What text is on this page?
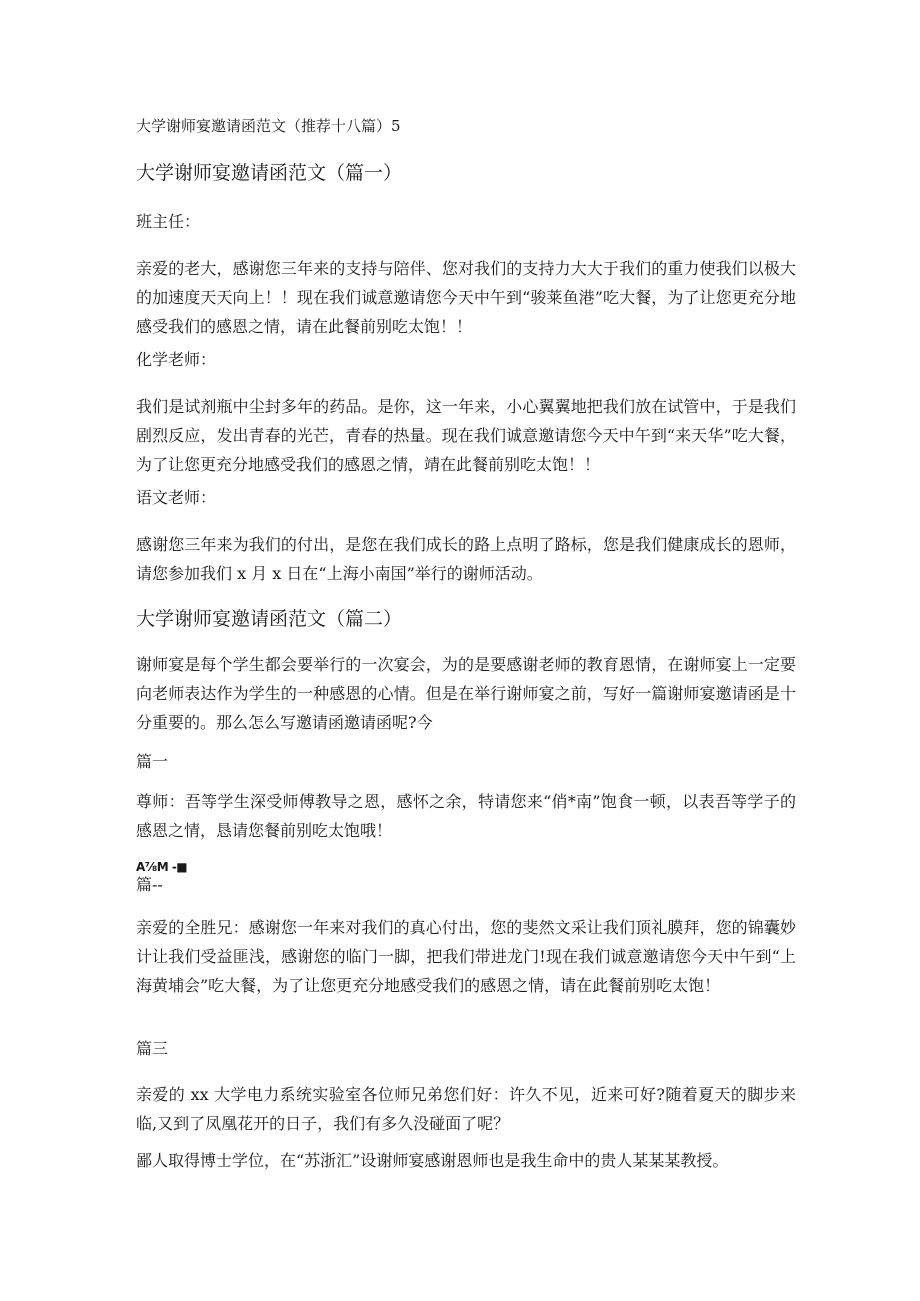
大学谢师宴邀请函范文（推荐十八篇）5

大学谢师宴邀请函范文（篇一）

班主任：

亲爱的老大，感谢您三年来的支持与陪伴、您对我们的支持力大大于我们的重力使我们以极大的加速度天天向上！！现在我们诚意邀请您今天中午到“骏莱鱼港”吃大餐，为了让您更充分地感受我们的感恩之情，请在此餐前别吃太饱！！

化学老师：

我们是试剂瓶中尘封多年的药品。是你，这一年来，小心翼翼地把我们放在试管中，于是我们剧烈反应，发出青春的光芒，青春的热量。现在我们诚意邀请您今天中午到“来天华”吃大餐，为了让您更充分地感受我们的感恩之情，靖在此餐前别吃太饱！！

语文老师：

感谢您三年来为我们的付出，是您在我们成长的路上点明了路标，您是我们健康成长的恩师，请您参加我们 x 月 x 日在“上海小南国”举行的谢师活动。

大学谢师宴邀请函范文（篇二）

谢师宴是每个学生都会要举行的一次宴会，为的是要感谢老师的教育恩情，在谢师宴上一定要向老师表达作为学生的一种感恩的心情。但是在举行谢师宴之前，写好一篇谢师宴邀请函是十分重要的。那么怎么写邀请函邀请函呢?今

篇一

尊师：吾等学生深受师傅教导之恩，感怀之余，特请您来“俏*南”饱食一顿，以表吾等学子的感恩之情，恳请您餐前别吃太饱哦！

A⅞M -■

篇--

亲爱的全胜兄：感谢您一年来对我们的真心付出，您的斐然文采让我们顶礼膜拜，您的锦囊妙计让我们受益匪浅，感谢您的临门一脚，把我们带进龙门!现在我们诚意邀请您今天中午到“上海黄埔会”吃大餐，为了让您更充分地感受我们的感恩之情，请在此餐前别吃太饱！

篇三

亲爱的 xx 大学电力系统实验室各位师兄弟您们好：许久不见，近来可好?随着夏天的脚步来临,又到了凤凰花开的日子，我们有多久没碰面了呢？

鄙人取得博士学位，在“苏浙汇”设谢师宴感谢恩师也是我生命中的贵人某某某教授。
